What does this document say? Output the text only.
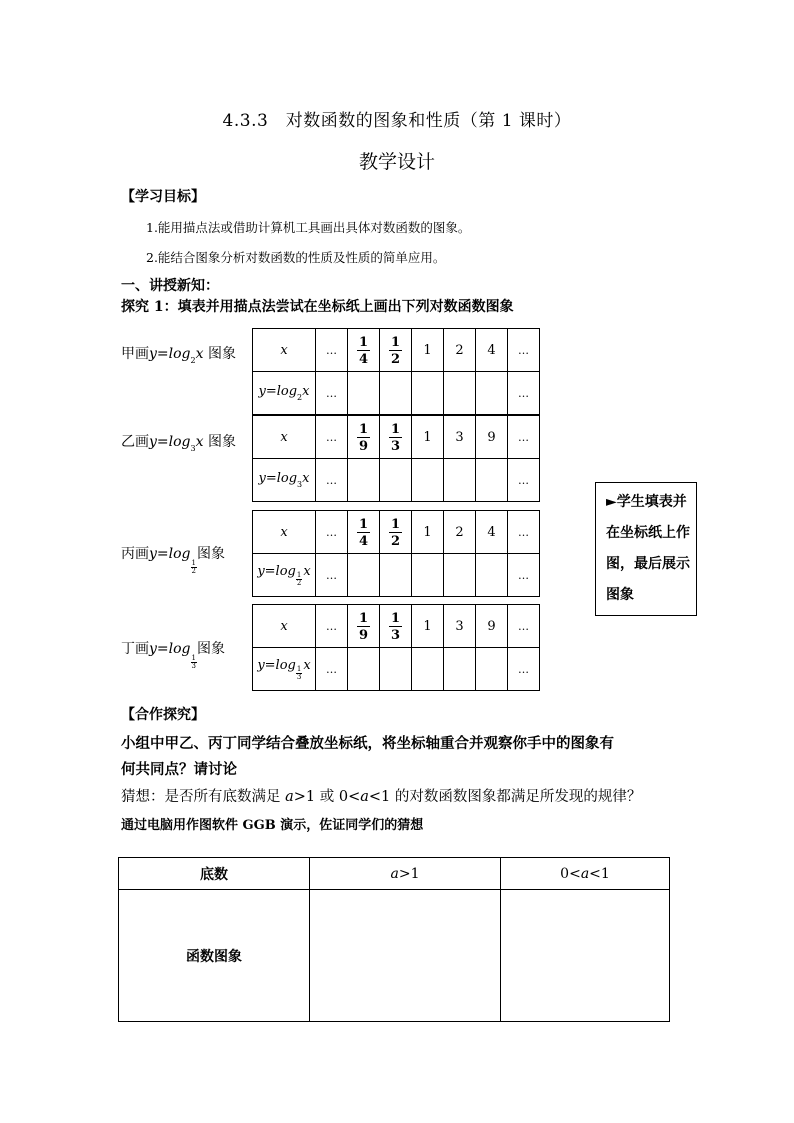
4.3.3　对数函数的图象和性质（第 1 课时）
教学设计
【学习目标】
1.能用描点法或借助计算机工具画出具体对数函数的图象。
2.能结合图象分析对数函数的性质及性质的简单应用。
一、讲授新知：
探究 1：填表并用描点法尝试在坐标纸上画出下列对数函数图象
甲画$y=\log_2x$ 图象	x	…	$\frac{1}{4}$	$\frac{1}{2}$	1	2	4	…
$y=\log_2x$	…						…
乙画$y=\log_3x$ 图象	x	…	$\frac{1}{9}$	$\frac{1}{3}$	1	3	9	…
$y=\log_3x$	…						…
丙画y=log
$\frac{1}{2}$
图象
x	…	$\frac{1}{4}$	$\frac{1}{2}$	1	2	4	…
y=log
$\frac{1}{2}$
x	…						…
丁画y=log
$\frac{1}{3}$
图象
x	…	$\frac{1}{9}$	$\frac{1}{3}$	1	3	9	…
y=log
$\frac{1}{3}$
x	…						…
►学生填表并在坐标纸上作图，最后展示图象
【合作探究】
小组中甲乙、丙丁同学结合叠放坐标纸，将坐标轴重合并观察你手中的图象有
何共同点？请讨论
猜想：是否所有底数满足 a>1 或 0<a<1 的对数函数图象都满足所发现的规律？
通过电脑用作图软件 GGB 演示，佐证同学们的猜想
底数	a>1	0<a<1
函数图象		
